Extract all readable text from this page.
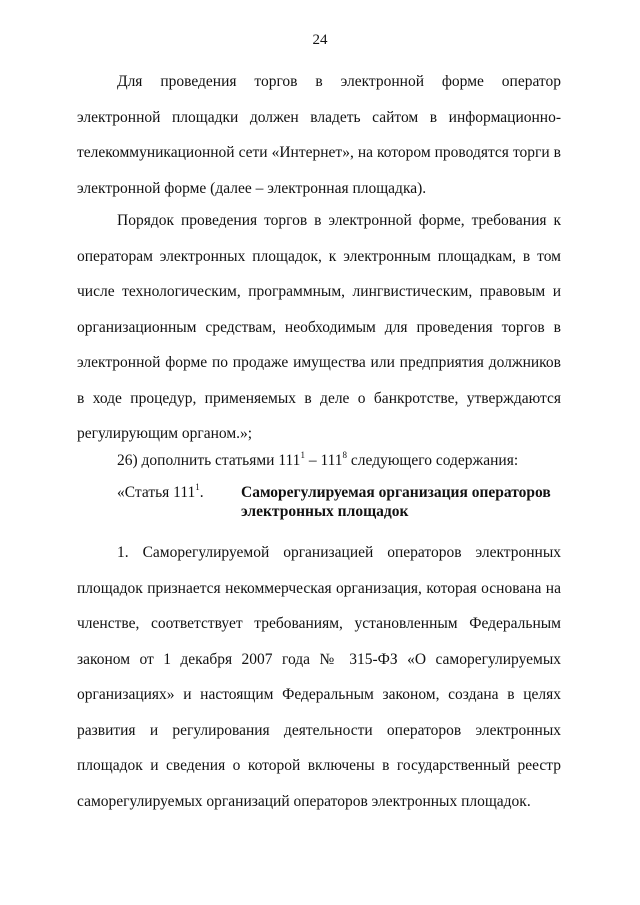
24

Для проведения торгов в электронной форме оператор электронной площадки должен владеть сайтом в информационно-телекоммуникационной сети «Интернет», на котором проводятся торги в электронной форме (далее – электронная площадка).

Порядок проведения торгов в электронной форме, требования к операторам электронных площадок, к электронным площадкам, в том числе технологическим, программным, лингвистическим, правовым и организационным средствам, необходимым для проведения торгов в электронной форме по продаже имущества или предприятия должников в ходе процедур, применяемых в деле о банкротстве, утверждаются регулирующим органом.»;

26) дополнить статьями $111^1 - 111^8$ следующего содержания:

«Статья $111^1$. Саморегулируемая организация операторов
электронных площадок

1. Саморегулируемой организацией операторов электронных площадок признается некоммерческая организация, которая основана на членстве, соответствует требованиям, установленным Федеральным законом от 1 декабря 2007 года № 315-ФЗ «О саморегулируемых организациях» и настоящим Федеральным законом, создана в целях развития и регулирования деятельности операторов электронных площадок и сведения о которой включены в государственный реестр саморегулируемых организаций операторов электронных площадок.
